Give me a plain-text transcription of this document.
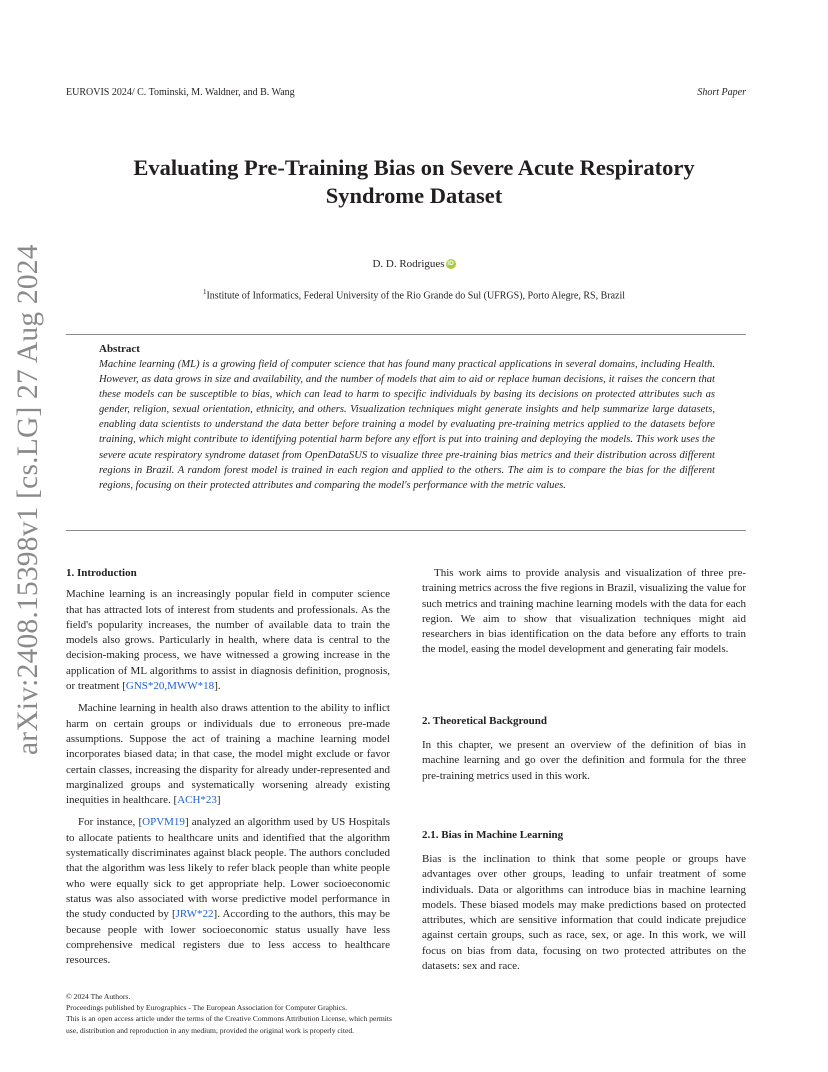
EUROVIS 2024/ C. Tominski, M. Waldner, and B. Wang	Short Paper
arXiv:2408.15398v1 [cs.LG] 27 Aug 2024
Evaluating Pre-Training Bias on Severe Acute Respiratory Syndrome Dataset
D. D. Rodrigues iD
$^1$Institute of Informatics, Federal University of the Rio Grande do Sul (UFRGS), Porto Alegre, RS, Brazil
Abstract
Machine learning (ML) is a growing field of computer science that has found many practical applications in several domains, including Health. However, as data grows in size and availability, and the number of models that aim to aid or replace human decisions, it raises the concern that these models can be susceptible to bias, which can lead to harm to specific individuals by basing its decisions on protected attributes such as gender, religion, sexual orientation, ethnicity, and others. Visualization techniques might generate insights and help summarize large datasets, enabling data scientists to understand the data better before training a model by evaluating pre-training metrics applied to the datasets before training, which might contribute to identifying potential harm before any effort is put into training and deploying the models. This work uses the severe acute respiratory syndrome dataset from OpenDataSUS to visualize three pre-training bias metrics and their distribution across different regions in Brazil. A random forest model is trained in each region and applied to the others. The aim is to compare the bias for the different regions, focusing on their protected attributes and comparing the model's performance with the metric values.
1. Introduction

Machine learning is an increasingly popular field in computer science that has attracted lots of interest from students and professionals. As the field's popularity increases, the number of available data to train the models also grows. Particularly in health, where data is central to the decision-making process, we have witnessed a growing increase in the application of ML algorithms to assist in diagnosis definition, prognosis, or treatment [GNS*20,MWW*18].

Machine learning in health also draws attention to the ability to inflict harm on certain groups or individuals due to erroneous pre-made assumptions. Suppose the act of training a machine learning model incorporates biased data; in that case, the model might exclude or favor certain classes, increasing the disparity for already under-represented and marginalized groups and systematically worsening already existing inequities in healthcare. [ACH*23]

For instance, [OPVM19] analyzed an algorithm used by US Hospitals to allocate patients to healthcare units and identified that the algorithm systematically discriminates against black people. The authors concluded that the algorithm was less likely to refer black people than white people who were equally sick to get appropriate help. Lower socioeconomic status was also associated with worse predictive model performance in the study conducted by [JRW*22]. According to the authors, this may be because people with lower socioeconomic status usually have less comprehensive medical registers due to less access to healthcare resources.

This work aims to provide analysis and visualization of three pre-training metrics across the five regions in Brazil, visualizing the value for such metrics and training machine learning models with the data for each region. We aim to show that visualization techniques might aid researchers in bias identification on the data before any efforts to train the model, easing the model development and generating fair models.

2. Theoretical Background

In this chapter, we present an overview of the definition of bias in machine learning and go over the definition and formula for the three pre-training metrics used in this work.

2.1. Bias in Machine Learning

Bias is the inclination to think that some people or groups have advantages over other groups, leading to unfair treatment of some individuals. Data or algorithms can introduce bias in machine learning models. These biased models may make predictions based on protected attributes, which are sensitive information that could indicate prejudice against certain groups, such as race, sex, or age. In this work, we will focus on bias from data, focusing on two protected attributes on the datasets: sex and race.

© 2024 The Authors.
Proceedings published by Eurographics - The European Association for Computer Graphics.
This is an open access article under the terms of the Creative Commons Attribution License, which permits use, distribution and reproduction in any medium, provided the original work is properly cited.
